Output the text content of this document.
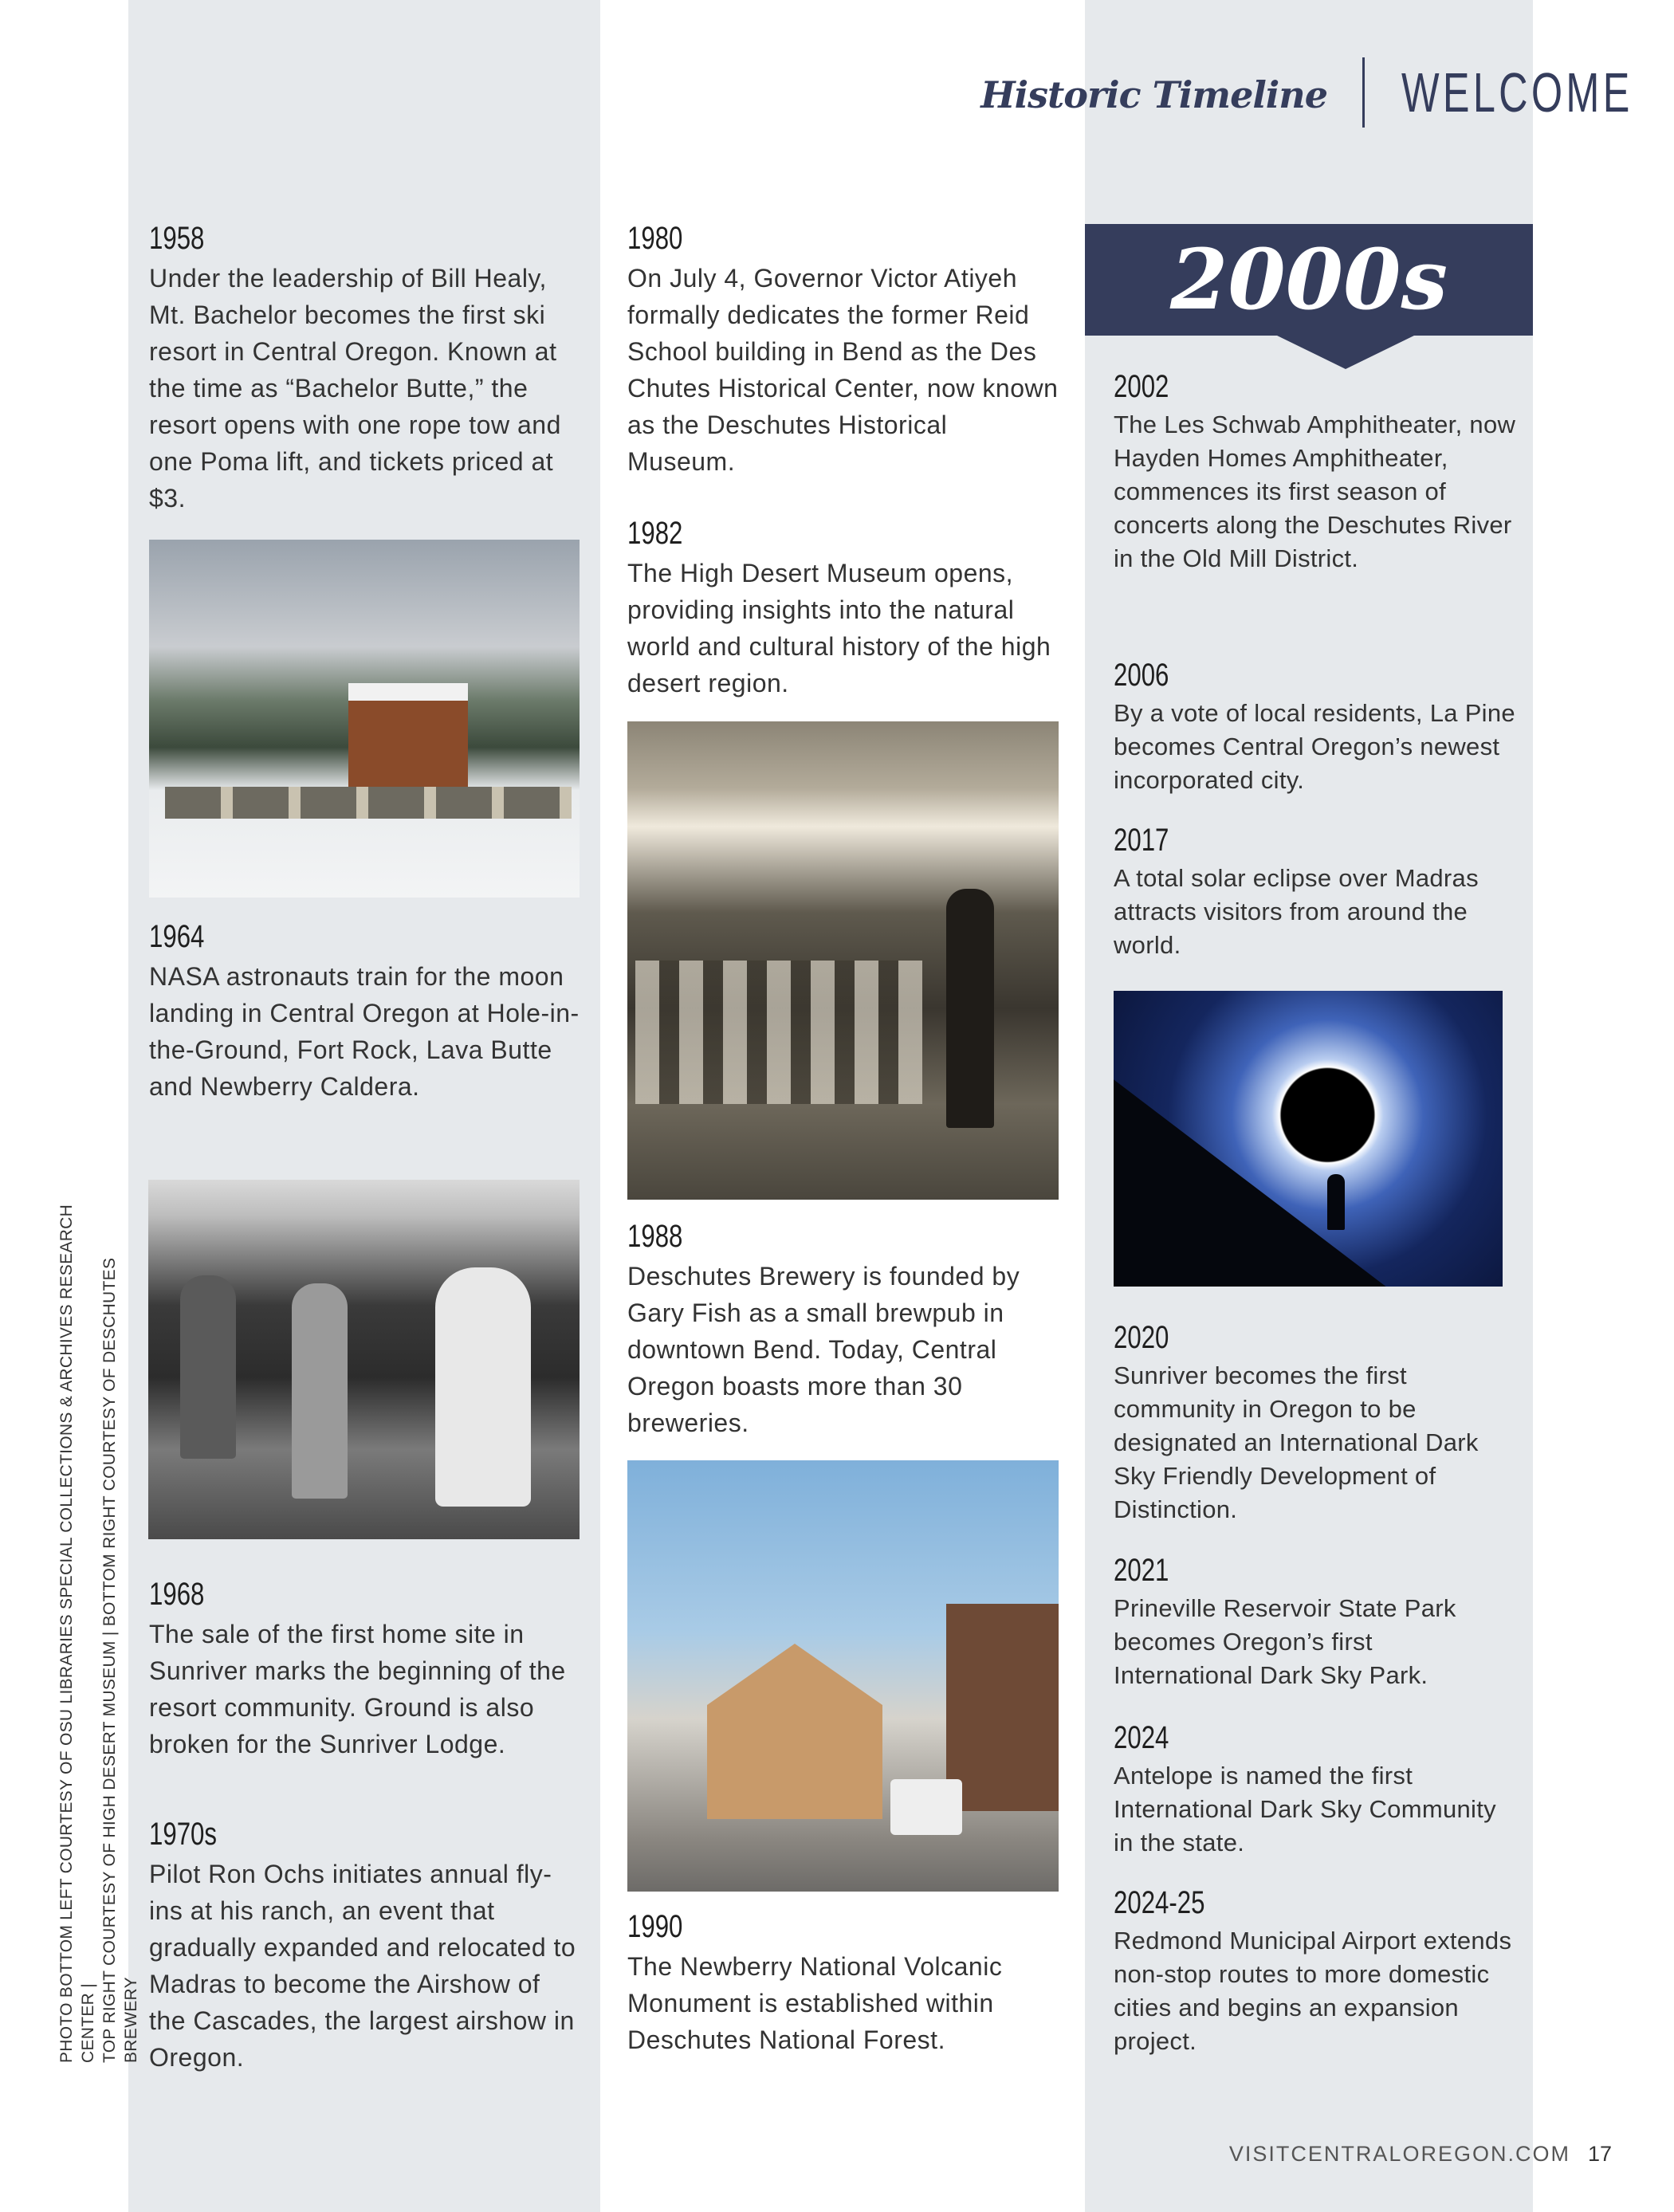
Historic Timeline WELCOME
1958
Under the leadership of Bill Healy, Mt. Bachelor becomes the first ski resort in Central Oregon. Known at the time as “Bachelor Butte,” the resort opens with one rope tow and one Poma lift, and tickets priced at $3.
1964
NASA astronauts train for the moon landing in Central Oregon at Hole-in-the-Ground, Fort Rock, Lava Butte and Newberry Caldera.
1968
The sale of the first home site in Sunriver marks the beginning of the resort community. Ground is also broken for the Sunriver Lodge.
1970s
Pilot Ron Ochs initiates annual fly-ins at his ranch, an event that gradually expanded and relocated to Madras to become the Airshow of the Cascades, the largest airshow in Oregon.
1980
On July 4, Governor Victor Atiyeh formally dedicates the former Reid School building in Bend as the Des Chutes Historical Center, now known as the Deschutes Historical Museum.
1982
The High Desert Museum opens, providing insights into the natural world and cultural history of the high desert region.
1988
Deschutes Brewery is founded by Gary Fish as a small brewpub in downtown Bend. Today, Central Oregon boasts more than 30 breweries.
1990
The Newberry National Volcanic Monument is established within Deschutes National Forest.
2000s
2002
The Les Schwab Amphitheater, now Hayden Homes Amphitheater, commences its first season of concerts along the Deschutes River in the Old Mill District.
2006
By a vote of local residents, La Pine becomes Central Oregon’s newest incorporated city.
2017
A total solar eclipse over Madras attracts visitors from around the world.
2020
Sunriver becomes the first community in Oregon to be designated an International Dark Sky Friendly Development of Distinction.
2021
Prineville Reservoir State Park becomes Oregon’s first International Dark Sky Park.
2024
Antelope is named the first International Dark Sky Community in the state.
2024-25
Redmond Municipal Airport extends non-stop routes to more domestic cities and begins an expansion project.
PHOTO BOTTOM LEFT COURTESY OF OSU LIBRARIES SPECIAL COLLECTIONS & ARCHIVES RESEARCH CENTER | TOP RIGHT COURTESY OF HIGH DESERT MUSEUM | BOTTOM RIGHT COURTESY OF DESCHUTES BREWERY
VISITCENTRALOREGON.COM 17
